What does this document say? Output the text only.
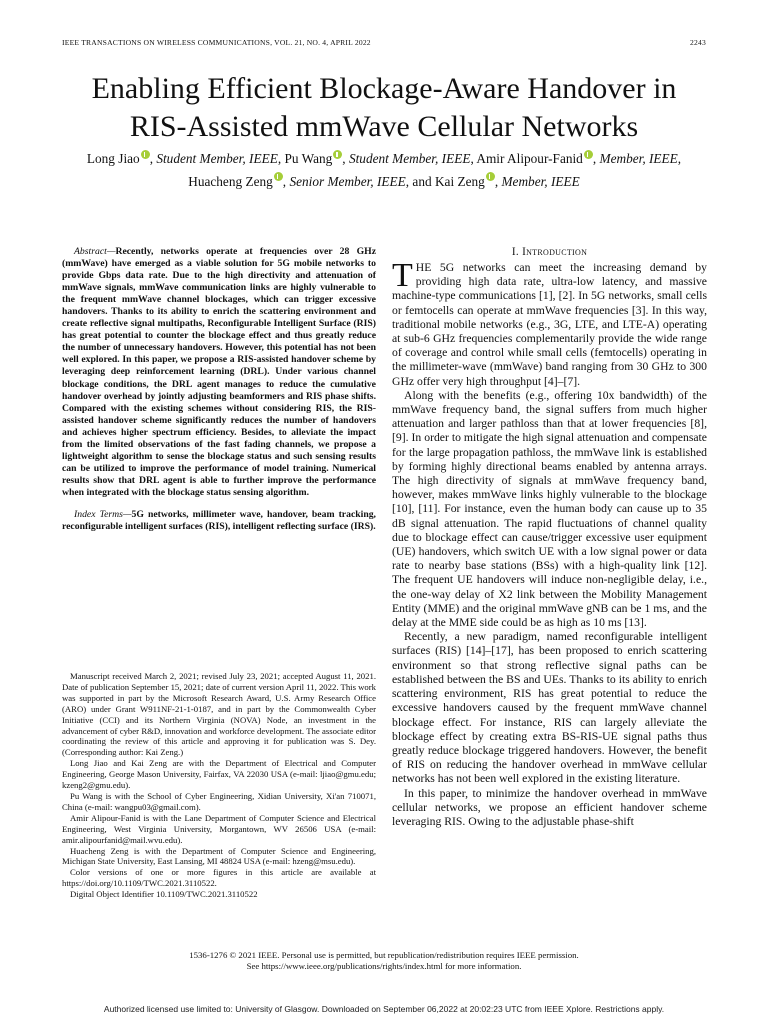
IEEE TRANSACTIONS ON WIRELESS COMMUNICATIONS, VOL. 21, NO. 4, APRIL 2022	2243
Enabling Efficient Blockage-Aware Handover in
RIS-Assisted mmWave Cellular Networks
Long Jiao , Student Member, IEEE, Pu Wang , Student Member, IEEE, Amir Alipour-Fanid , Member, IEEE,
Huacheng Zeng , Senior Member, IEEE, and Kai Zeng , Member, IEEE
Abstract—Recently, networks operate at frequencies over 28 GHz (mmWave) have emerged as a viable solution for 5G mobile networks to provide Gbps data rate. Due to the high directivity and attenuation of mmWave signals, mmWave communication links are highly vulnerable to the frequent mmWave channel blockages, which can trigger excessive handovers. Thanks to its ability to enrich the scattering environment and create reflective signal multipaths, Reconfigurable Intelligent Surface (RIS) has great potential to counter the blockage effect and thus greatly reduce the number of unnecessary handovers. However, this potential has not been well explored. In this paper, we propose a RIS-assisted handover scheme by leveraging deep reinforcement learning (DRL). Under various channel blockage conditions, the DRL agent manages to reduce the cumulative handover overhead by jointly adjusting beamformers and RIS phase shifts. Compared with the existing schemes without considering RIS, the RIS-assisted handover scheme significantly reduces the number of handovers and achieves higher spectrum efficiency. Besides, to alleviate the impact from the limited observations of the fast fading channels, we propose a lightweight algorithm to sense the blockage status and such sensing results can be utilized to improve the performance of model training. Numerical results show that DRL agent is able to further improve the performance when integrated with the blockage status sensing algorithm.
Index Terms—5G networks, millimeter wave, handover, beam tracking, reconfigurable intelligent surfaces (RIS), intelligent reflecting surface (IRS).

Manuscript received March 2, 2021; revised July 23, 2021; accepted August 11, 2021. Date of publication September 15, 2021; date of current version April 11, 2022. This work was supported in part by the Microsoft Research Award, U.S. Army Research Office (ARO) under Grant W911NF-21-1-0187, and in part by the Commonwealth Cyber Initiative (CCI) and its Northern Virginia (NOVA) Node, an investment in the advancement of cyber R&D, innovation and workforce development. The associate editor coordinating the review of this article and approving it for publication was S. Dey. (Corresponding author: Kai Zeng.)

Long Jiao and Kai Zeng are with the Department of Electrical and Computer Engineering, George Mason University, Fairfax, VA 22030 USA (e-mail: ljiao@gmu.edu; kzeng2@gmu.edu).

Pu Wang is with the School of Cyber Engineering, Xidian University, Xi'an 710071, China (e-mail: wangpu03@gmail.com).

Amir Alipour-Fanid is with the Lane Department of Computer Science and Electrical Engineering, West Virginia University, Morgantown, WV 26506 USA (e-mail: amir.alipourfanid@mail.wvu.edu).

Huacheng Zeng is with the Department of Computer Science and Engineering, Michigan State University, East Lansing, MI 48824 USA (e-mail: hzeng@msu.edu).

Color versions of one or more figures in this article are available at https://doi.org/10.1109/TWC.2021.3110522.

Digital Object Identifier 10.1109/TWC.2021.3110522

I. Introduction

THE 5G networks can meet the increasing demand by providing high data rate, ultra-low latency, and massive machine-type communications [1], [2]. In 5G networks, small cells or femtocells can operate at mmWave frequencies [3]. In this way, traditional mobile networks (e.g., 3G, LTE, and LTE-A) operating at sub-6 GHz frequencies complementarily provide the wide range of coverage and control while small cells (femtocells) operating in the millimeter-wave (mmWave) band ranging from 30 GHz to 300 GHz offer very high throughput [4]–[7].

Along with the benefits (e.g., offering 10x bandwidth) of the mmWave frequency band, the signal suffers from much higher attenuation and larger pathloss than that at lower frequencies [8], [9]. In order to mitigate the high signal attenuation and compensate for the large propagation pathloss, the mmWave link is established by forming highly directional beams enabled by antenna arrays. The high directivity of signals at mmWave frequency band, however, makes mmWave links highly vulnerable to the blockage [10], [11]. For instance, even the human body can cause up to 35 dB signal attenuation. The rapid fluctuations of channel quality due to blockage effect can cause/trigger excessive user equipment (UE) handovers, which switch UE with a low signal power or data rate to nearby base stations (BSs) with a high-quality link [12]. The frequent UE handovers will induce non-negligible delay, i.e., the one-way delay of X2 link between the Mobility Management Entity (MME) and the original mmWave gNB can be 1 ms, and the delay at the MME side could be as high as 10 ms [13].

Recently, a new paradigm, named reconfigurable intelligent surfaces (RIS) [14]–[17], has been proposed to enrich scattering environment so that strong reflective signal paths can be established between the BS and UEs. Thanks to its ability to enrich scattering environment, RIS has great potential to reduce the excessive handovers caused by the frequent mmWave channel blockage effect. For instance, RIS can largely alleviate the blockage effect by creating extra BS-RIS-UE signal paths thus greatly reduce blockage triggered handovers. However, the benefit of RIS on reducing the handover overhead in mmWave cellular networks has not been well explored in the existing literature.

In this paper, to minimize the handover overhead in mmWave cellular networks, we propose an efficient handover scheme leveraging RIS. Owing to the adjustable phase-shift

1536-1276 © 2021 IEEE. Personal use is permitted, but republication/redistribution requires IEEE permission.
See https://www.ieee.org/publications/rights/index.html for more information.
Authorized licensed use limited to: University of Glasgow. Downloaded on September 06,2022 at 20:02:23 UTC from IEEE Xplore. Restrictions apply.
